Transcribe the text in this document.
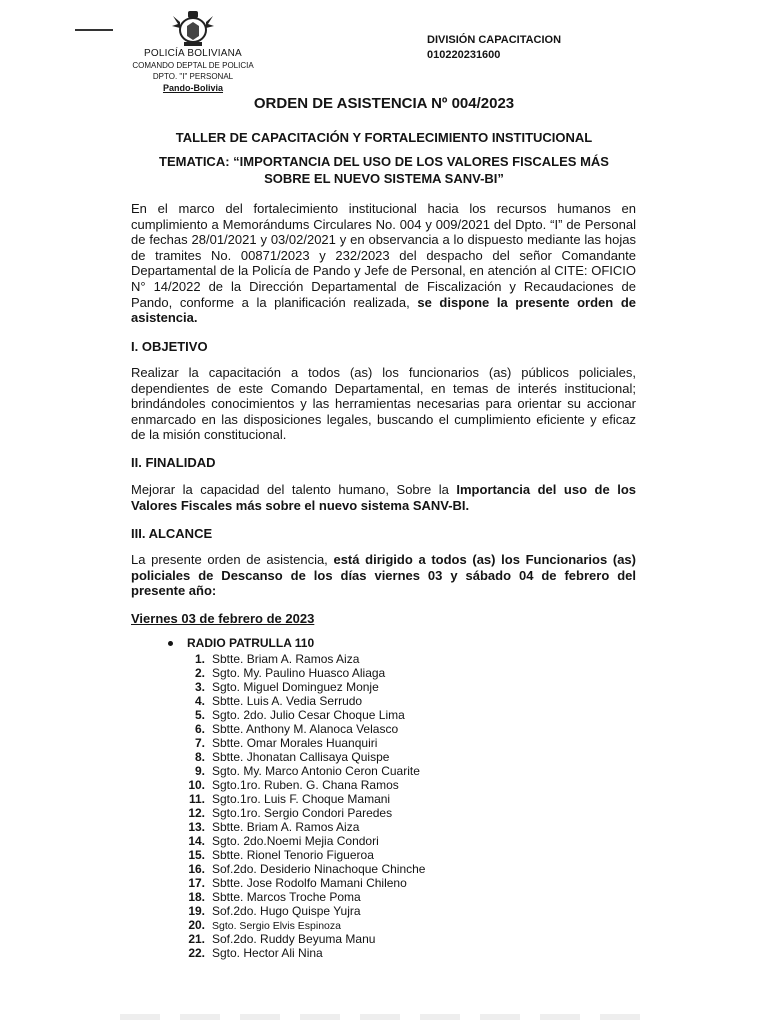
POLICÍA BOLIVIANA
COMANDO DEPTAL DE POLICIA
DPTO. "I" PERSONAL
Pando-Bolivia
DIVISIÓN CAPACITACION
010220231600
ORDEN DE ASISTENCIA Nº 004/2023
TALLER DE CAPACITACIÓN Y FORTALECIMIENTO INSTITUCIONAL
TEMATICA: “IMPORTANCIA DEL USO DE LOS VALORES FISCALES MÁS
SOBRE EL NUEVO SISTEMA SANV-BI”
En el marco del fortalecimiento institucional hacia los recursos humanos en cumplimiento a Memorándums Circulares No. 004 y 009/2021 del Dpto. “I” de Personal de fechas 28/01/2021 y 03/02/2021 y en observancia a lo dispuesto mediante las hojas de tramites No. 00871/2023 y 232/2023 del despacho del señor Comandante Departamental de la Policía de Pando y Jefe de Personal, en atención al CITE: OFICIO N° 14/2022 de la Dirección Departamental de Fiscalización y Recaudaciones de Pando, conforme a la planificación realizada, se dispone la presente orden de asistencia.
I. OBJETIVO
Realizar la capacitación a todos (as) los funcionarios (as) públicos policiales, dependientes de este Comando Departamental, en temas de interés institucional; brindándoles conocimientos y las herramientas necesarias para orientar su accionar enmarcado en las disposiciones legales, buscando el cumplimiento eficiente y eficaz de la misión constitucional.
II. FINALIDAD
Mejorar la capacidad del talento humano, Sobre la Importancia del uso de los Valores Fiscales más sobre el nuevo sistema SANV-BI.
III. ALCANCE
La presente orden de asistencia, está dirigido a todos (as) los Funcionarios (as) policiales de Descanso de los días viernes 03 y sábado 04 de febrero del presente año:
Viernes 03 de febrero de 2023
RADIO PATRULLA 110
1. Sbtte. Briam A. Ramos Aiza
2. Sgto. My. Paulino Huasco Aliaga
3. Sgto. Miguel Dominguez Monje
4. Sbtte. Luis A. Vedia Serrudo
5. Sgto. 2do. Julio Cesar Choque Lima
6. Sbtte. Anthony M. Alanoca Velasco
7. Sbtte. Omar Morales Huanquiri
8. Sbtte. Jhonatan Callisaya Quispe
9. Sgto. My. Marco Antonio Ceron Cuarite
10. Sgto.1ro. Ruben. G. Chana Ramos
11. Sgto.1ro. Luis F. Choque Mamani
12. Sgto.1ro. Sergio Condori Paredes
13. Sbtte. Briam A. Ramos Aiza
14. Sgto. 2do.Noemi Mejia Condori
15. Sbtte. Rionel Tenorio Figueroa
16. Sof.2do. Desiderio Ninachoque Chinche
17. Sbtte. Jose Rodolfo Mamani Chileno
18. Sbtte. Marcos Troche Poma
19. Sof.2do. Hugo Quispe Yujra
20. Sgto. Sergio Elvis Espinoza
21. Sof.2do. Ruddy Beyuma Manu
22. Sgto. Hector Ali Nina
